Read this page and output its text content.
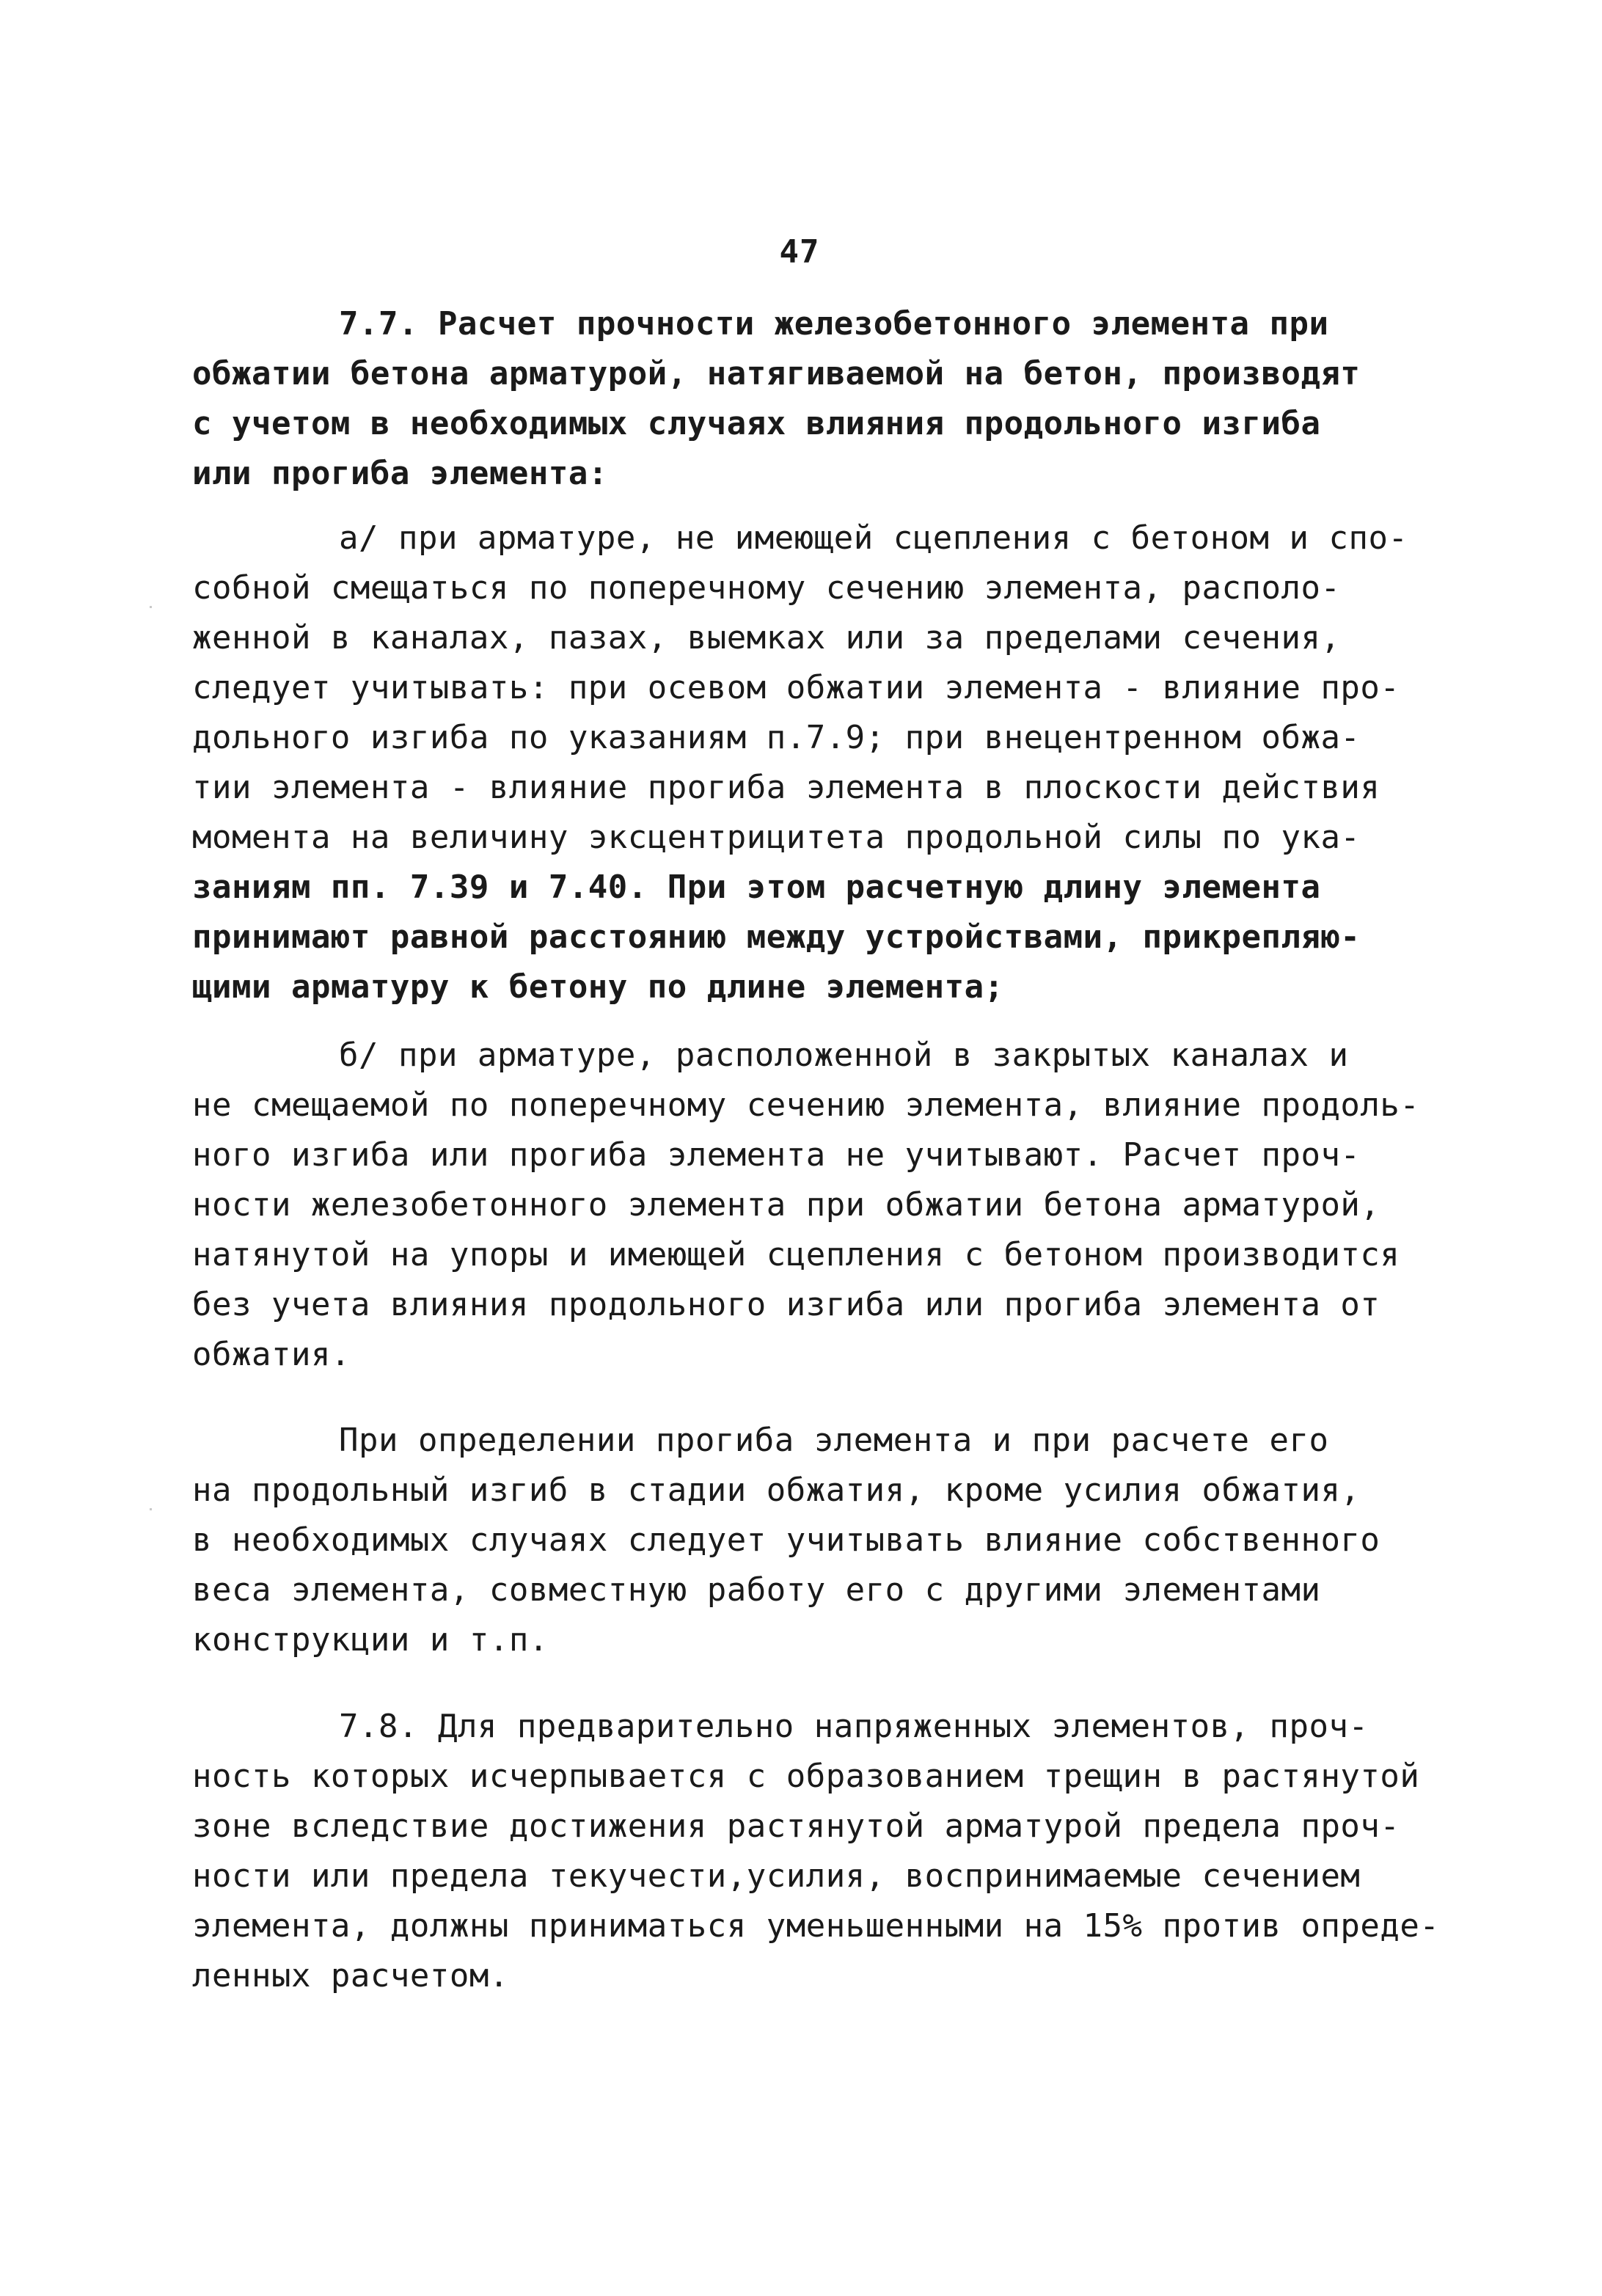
47
7.7. Расчет прочности железобетонного элемента при
обжатии бетона арматурой, натягиваемой на бетон, производят
с учетом в необходимых случаях влияния продольного изгиба
или прогиба элемента:
а/ при арматуре, не имеющей сцепления с бетоном и спо-
собной смещаться по поперечному сечению элемента, располо-
женной в каналах, пазах, выемках или за пределами сечения,
следует учитывать: при осевом обжатии элемента - влияние про-
дольного изгиба по указаниям п.7.9; при внецентренном обжа-
тии элемента - влияние прогиба элемента в плоскости действия
момента на величину эксцентрицитета продольной силы по ука-
заниям пп. 7.39 и 7.40. При этом расчетную длину элемента
принимают равной расстоянию между устройствами, прикрепляю-
щими арматуру к бетону по длине элемента;
б/ при арматуре, расположенной в закрытых каналах и
не смещаемой по поперечному сечению элемента, влияние продоль-
ного изгиба или прогиба элемента не учитывают. Расчет проч-
ности железобетонного элемента при обжатии бетона арматурой,
натянутой на упоры и имеющей сцепления с бетоном производится
без учета влияния продольного изгиба или прогиба элемента от
обжатия.
При определении прогиба элемента и при расчете его
на продольный изгиб в стадии обжатия, кроме усилия обжатия,
в необходимых случаях следует учитывать влияние собственного
веса элемента, совместную работу его с другими элементами
конструкции и т.п.
7.8. Для предварительно напряженных элементов, проч-
ность которых исчерпывается с образованием трещин в растянутой
зоне вследствие достижения растянутой арматурой предела проч-
ности или предела текучести,усилия, воспринимаемые сечением
элемента, должны приниматься уменьшенными на 15% против опреде-
ленных расчетом.
